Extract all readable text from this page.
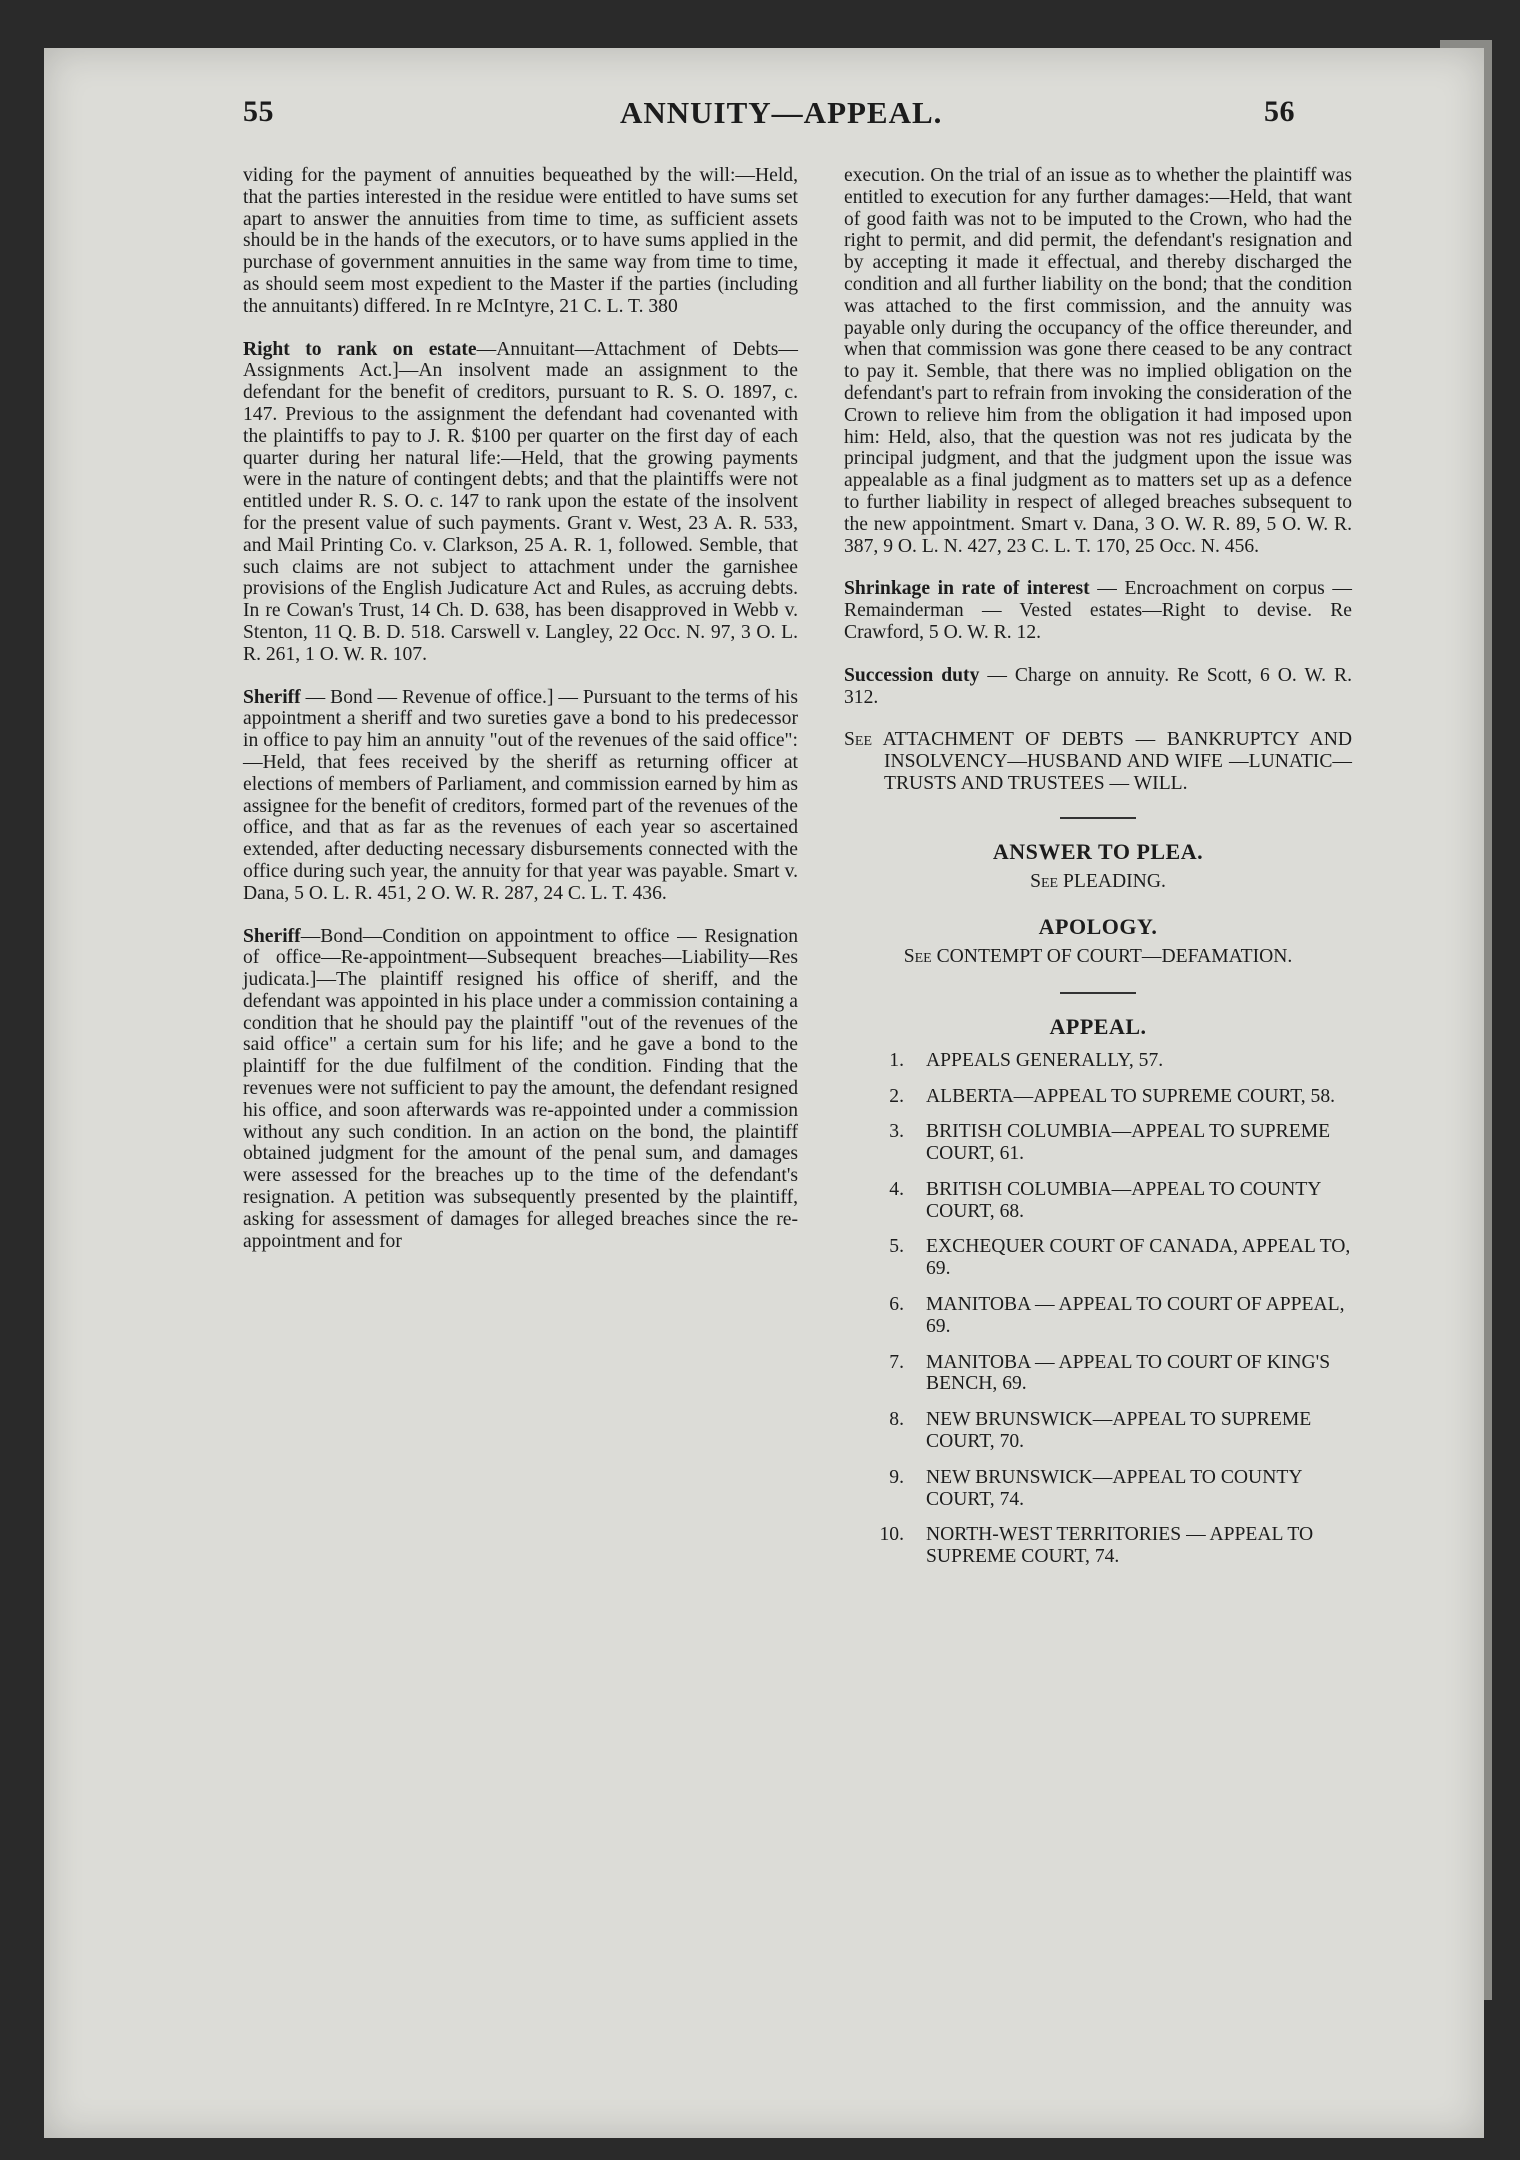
55	ANNUITY—APPEAL.	56

viding for the payment of annuities bequeathed by the will:—Held, that the parties interested in the residue were entitled to have sums set apart to answer the annuities from time to time, as sufficient assets should be in the hands of the executors, or to have sums applied in the purchase of government annuities in the same way from time to time, as should seem most expedient to the Master if the parties (including the annuitants) differed. In re McIntyre, 21 C. L. T. 380

Right to rank on estate—Annuitant—Attachment of Debts—Assignments Act.]—An insolvent made an assignment to the defendant for the benefit of creditors, pursuant to R. S. O. 1897, c. 147. Previous to the assignment the defendant had covenanted with the plaintiffs to pay to J. R. $100 per quarter on the first day of each quarter during her natural life:—Held, that the growing payments were in the nature of contingent debts; and that the plaintiffs were not entitled under R. S. O. c. 147 to rank upon the estate of the insolvent for the present value of such payments. Grant v. West, 23 A. R. 533, and Mail Printing Co. v. Clarkson, 25 A. R. 1, followed. Semble, that such claims are not subject to attachment under the garnishee provisions of the English Judicature Act and Rules, as accruing debts. In re Cowan's Trust, 14 Ch. D. 638, has been disapproved in Webb v. Stenton, 11 Q. B. D. 518. Carswell v. Langley, 22 Occ. N. 97, 3 O. L. R. 261, 1 O. W. R. 107.

Sheriff — Bond — Revenue of office.] — Pursuant to the terms of his appointment a sheriff and two sureties gave a bond to his predecessor in office to pay him an annuity "out of the revenues of the said office":—Held, that fees received by the sheriff as returning officer at elections of members of Parliament, and commission earned by him as assignee for the benefit of creditors, formed part of the revenues of the office, and that as far as the revenues of each year so ascertained extended, after deducting necessary disbursements connected with the office during such year, the annuity for that year was payable. Smart v. Dana, 5 O. L. R. 451, 2 O. W. R. 287, 24 C. L. T. 436.

Sheriff—Bond—Condition on appointment to office — Resignation of office—Re-appointment—Subsequent breaches—Liability—Res judicata.]—The plaintiff resigned his office of sheriff, and the defendant was appointed in his place under a commission containing a condition that he should pay the plaintiff "out of the revenues of the said office" a certain sum for his life; and he gave a bond to the plaintiff for the due fulfilment of the condition. Finding that the revenues were not sufficient to pay the amount, the defendant resigned his office, and soon afterwards was re-appointed under a commission without any such condition. In an action on the bond, the plaintiff obtained judgment for the amount of the penal sum, and damages were assessed for the breaches up to the time of the defendant's resignation. A petition was subsequently presented by the plaintiff, asking for assessment of damages for alleged breaches since the re-appointment and for

execution. On the trial of an issue as to whether the plaintiff was entitled to execution for any further damages:—Held, that want of good faith was not to be imputed to the Crown, who had the right to permit, and did permit, the defendant's resignation and by accepting it made it effectual, and thereby discharged the condition and all further liability on the bond; that the condition was attached to the first commission, and the annuity was payable only during the occupancy of the office thereunder, and when that commission was gone there ceased to be any contract to pay it. Semble, that there was no implied obligation on the defendant's part to refrain from invoking the consideration of the Crown to relieve him from the obligation it had imposed upon him: Held, also, that the question was not res judicata by the principal judgment, and that the judgment upon the issue was appealable as a final judgment as to matters set up as a defence to further liability in respect of alleged breaches subsequent to the new appointment. Smart v. Dana, 3 O. W. R. 89, 5 O. W. R. 387, 9 O. L. N. 427, 23 C. L. T. 170, 25 Occ. N. 456.

Shrinkage in rate of interest — Encroachment on corpus — Remainderman — Vested estates—Right to devise. Re Crawford, 5 O. W. R. 12.

Succession duty — Charge on annuity. Re Scott, 6 O. W. R. 312.

See ATTACHMENT OF DEBTS — BANKRUPTCY AND INSOLVENCY—HUSBAND AND WIFE —LUNATIC—TRUSTS AND TRUSTEES — WILL.

ANSWER TO PLEA.
See PLEADING.
APOLOGY.
See CONTEMPT OF COURT—DEFAMATION.
APPEAL.
1. APPEALS GENERALLY, 57.
2. ALBERTA—APPEAL TO SUPREME COURT, 58.
3. BRITISH COLUMBIA—APPEAL TO SUPREME COURT, 61.
4. BRITISH COLUMBIA—APPEAL TO COUNTY COURT, 68.
5. EXCHEQUER COURT OF CANADA, APPEAL TO, 69.
6. MANITOBA — APPEAL TO COURT OF APPEAL, 69.
7. MANITOBA — APPEAL TO COURT OF KING'S BENCH, 69.
8. NEW BRUNSWICK—APPEAL TO SUPREME COURT, 70.
9. NEW BRUNSWICK—APPEAL TO COUNTY COURT, 74.
10. NORTH-WEST TERRITORIES — APPEAL TO SUPREME COURT, 74.
